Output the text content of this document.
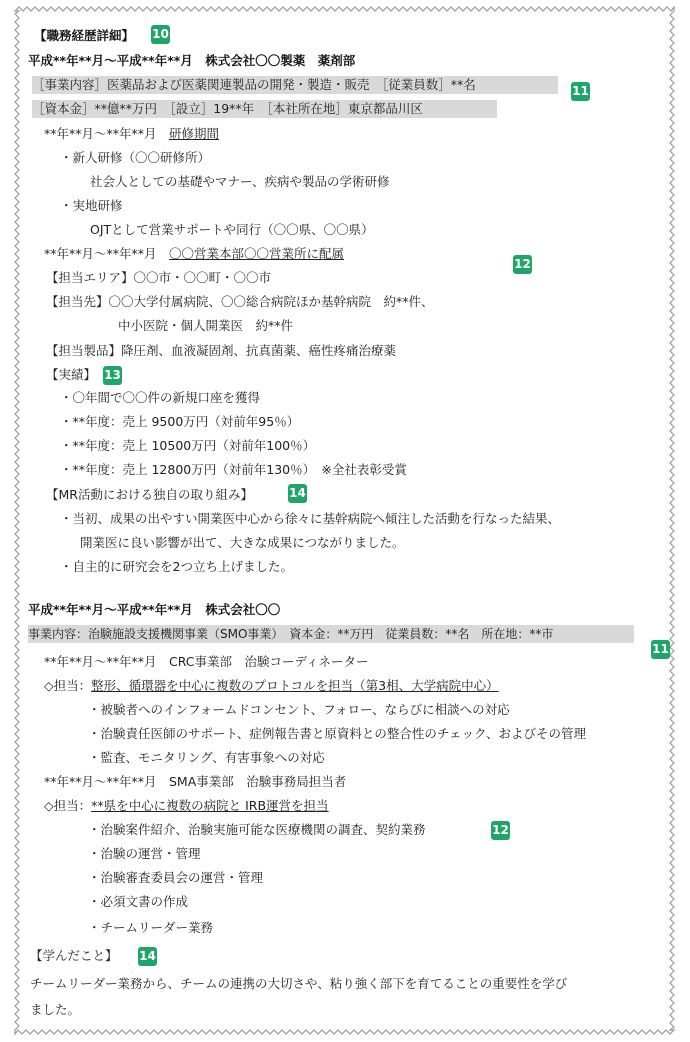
【職務経歴詳細】 10
平成**年**月～平成**年**月　株式会社〇〇製薬　薬剤部
［事業内容］医薬品および医薬関連製品の開発・製造・販売　［従業員数］**名	11
［資本金］**億**万円　［設立］19**年　［本社所在地］東京都品川区
**年**月～**年**月　研修期間
・新人研修（〇〇研修所）
社会人としての基礎やマナー、疾病や製品の学術研修
・実地研修
OJTとして営業サポートや同行（〇〇県、〇〇県）
**年**月～**年**月　〇〇営業本部〇〇営業所に配属
12
【担当エリア】〇〇市・〇〇町・〇〇市
【担当先】〇〇大学付属病院、〇〇総合病院ほか基幹病院　約**件、
中小医院・個人開業医　約**件
【担当製品】降圧剤、血液凝固剤、抗真菌薬、癌性疼痛治療薬
【実績】 13
・〇年間で〇〇件の新規口座を獲得
・**年度：売上 9500万円（対前年95％）
・**年度：売上 10500万円（対前年100％）
・**年度：売上 12800万円（対前年130％）　※全社表彰受賞
【MR活動における独自の取り組み】	14
・当初、成果の出やすい開業医中心から徐々に基幹病院へ傾注した活動を行なった結果、
開業医に良い影響が出て、大きな成果につながりました。
・自主的に研究会を2つ立ち上げました。
平成**年**月～平成**年**月　株式会社〇〇
事業内容：治験施設支援機関事業（SMO事業）　資本金：**万円　従業員数：**名　所在地：**市
11
**年**月～**年**月　CRC事業部　治験コーディネーター
◇担当：整形、循環器を中心に複数のプロトコルを担当（第3相、大学病院中心）
・被験者へのインフォームドコンセント、フォロー、ならびに相談への対応
・治験責任医師のサポート、症例報告書と原資料との整合性のチェック、およびその管理
・監査、モニタリング、有害事象への対応
**年**月～**年**月　SMA事業部　治験事務局担当者
◇担当：**県を中心に複数の病院と IRB運営を担当
・治験案件紹介、治験実施可能な医療機関の調査、契約業務	12
・治験の運営・管理
・治験審査委員会の運営・管理
・必須文書の作成
・チームリーダー業務
【学んだこと】 14
チームリーダー業務から、チームの連携の大切さや、粘り強く部下を育てることの重要性を学び
ました。
